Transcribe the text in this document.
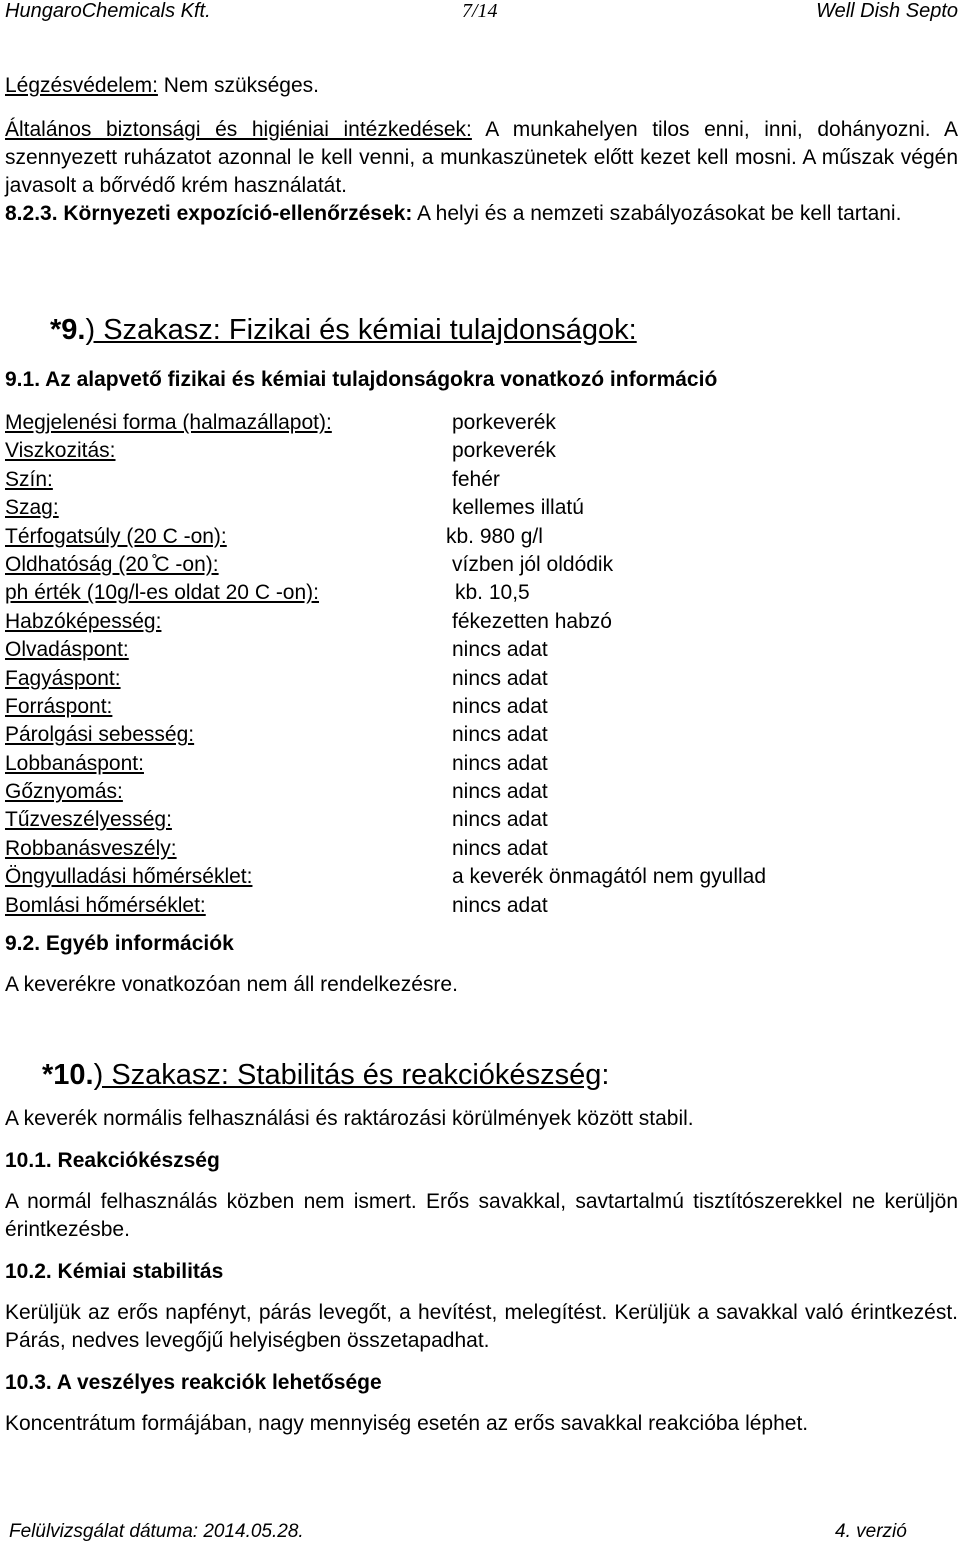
HungaroChemicals Kft.	7/14	Well Dish Septo
Légzésvédelem: Nem szükséges.
Általános biztonsági és higiéniai intézkedések: A munkahelyen tilos enni, inni, dohányozni. A szennyezett ruházatot azonnal le kell venni, a munkaszünetek előtt kezet kell mosni. A műszak végén javasolt a bőrvédő krém használatát.
8.2.3. Környezeti expozíció-ellenőrzések: A helyi és a nemzeti szabályozásokat be kell tartani.
*9.) Szakasz: Fizikai és kémiai tulajdonságok:
9.1. Az alapvető fizikai és kémiai tulajdonságokra vonatkozó információ
Megjelenési forma (halmazállapot):	porkeverék
Viszkozitás:	porkeverék
Szín:	fehér
Szag:	kellemes illatú
Térfogatsúly (20 C -on):	kb. 980 g/l
Oldhatóság (20 ̊C -on):	vízben jól oldódik
ph érték (10g/l-es oldat 20 C -on):	kb. 10,5
Habzóképesség:	fékezetten habzó
Olvadáspont:	nincs adat
Fagyáspont:	nincs adat
Forráspont:	nincs adat
Párolgási sebesség:	nincs adat
Lobbanáspont:	nincs adat
Gőznyomás:	nincs adat
Tűzveszélyesség:	nincs adat
Robbanásveszély:	nincs adat
Öngyulladási hőmérséklet:	a keverék önmagától nem gyullad
Bomlási hőmérséklet:	nincs adat
9.2. Egyéb információk
A keverékre vonatkozóan nem áll rendelkezésre.
*10.) Szakasz: Stabilitás és reakciókészség:
A keverék normális felhasználási és raktározási körülmények között stabil.
10.1. Reakciókészség
A normál felhasználás közben nem ismert. Erős savakkal, savtartalmú tisztítószerekkel ne kerüljön érintkezésbe.
10.2. Kémiai stabilitás
Kerüljük az erős napfényt, párás levegőt, a hevítést, melegítést. Kerüljük a savakkal való érintkezést. Párás, nedves levegőjű helyiségben összetapadhat.
10.3. A veszélyes reakciók lehetősége
Koncentrátum formájában, nagy mennyiség esetén az erős savakkal reakcióba léphet.
Felülvizsgálat dátuma: 2014.05.28.	4. verzió
